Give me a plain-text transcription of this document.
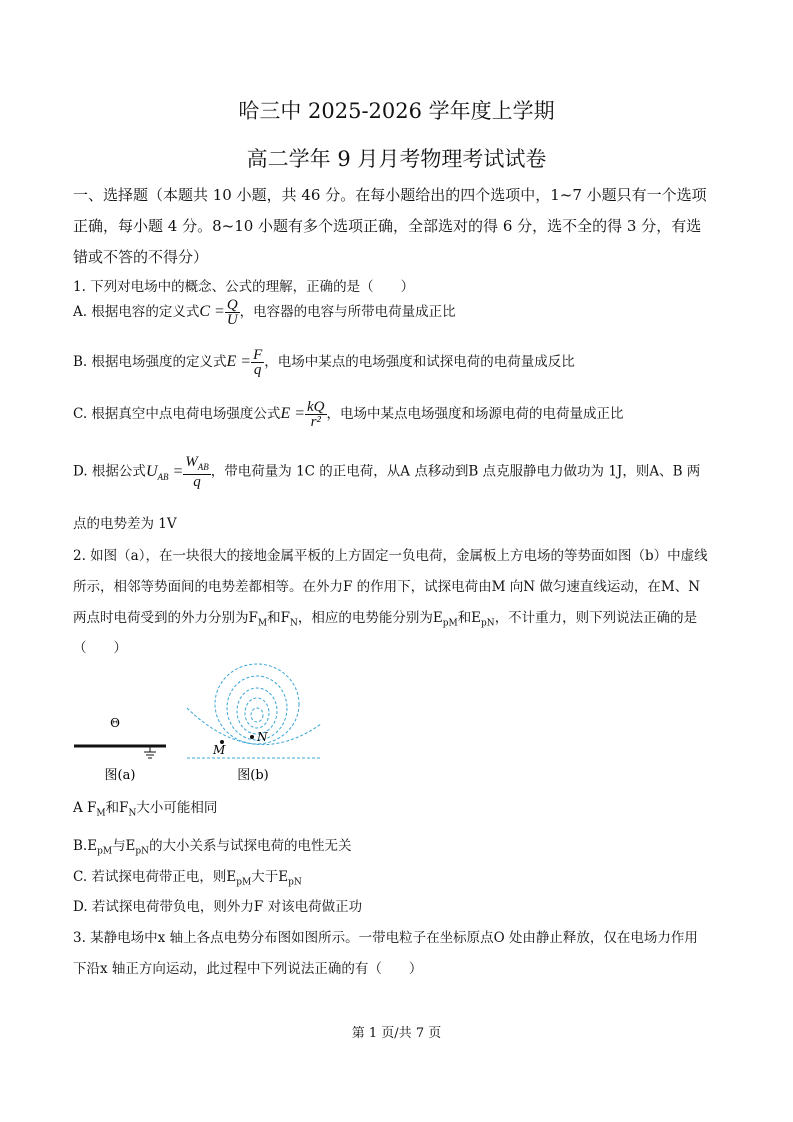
哈三中 2025-2026 学年度上学期
高二学年 9 月月考物理考试试卷
一、选择题（本题共 10 小题，共 46 分。在每小题给出的四个选项中，1~7 小题只有一个选项
正确，每小题 4 分。8~10 小题有多个选项正确，全部选对的得 6 分，选不全的得 3 分，有选
错或不答的不得分）
1. 下列对电场中的概念、公式的理解，正确的是（　　）
A. 根据电容的定义式$C = \frac{Q}{U}$ ，电容器的电容与所带电荷量成正比
B. 根据电场强度的定义式$E = \frac{F}{q}$ ，电场中某点的电场强度和试探电荷的电荷量成反比
C. 根据真空中点电荷电场强度公式$E = \frac{kQ}{\text{r²}}$ ，电场中某点电场强度和场源电荷的电荷量成正比
D. 根据公式$U_{AB} = \frac{W_{AB}}{q}$ ，带电荷量为 1C 的正电荷，从A 点移动到B 点克服静电力做功为 1J，则A、B 两
点的电势差为 1V
2. 如图（a），在一块很大的接地金属平板的上方固定一负电荷，金属板上方电场的等势面如图（b）中虚线
所示，相邻等势面间的电势差都相等。在外力F 的作用下，试探电荷由M 向N 做匀速直线运动，在M、N
两点时电荷受到的外力分别为$F_M$和$F_N$，相应的电势能分别为$E_{pM}$和$E_{pN}$，不计重力，则下列说法正确的是
（　　）
Θ
图(a)
M
N
图(b)
A $F_M$和$F_N$大小可能相同
$B.E_{pM}$与$E_{pN}$的大小关系与试探电荷的电性无关
C. 若试探电荷带正电，则$E_{pM}$大于$E_{pN}$
D. 若试探电荷带负电，则外力F 对该电荷做正功
3. 某静电场中x 轴上各点电势分布图如图所示。一带电粒子在坐标原点O 处由静止释放，仅在电场力作用
下沿x 轴正方向运动，此过程中下列说法正确的有（　　）
第 1 页/共 7 页
